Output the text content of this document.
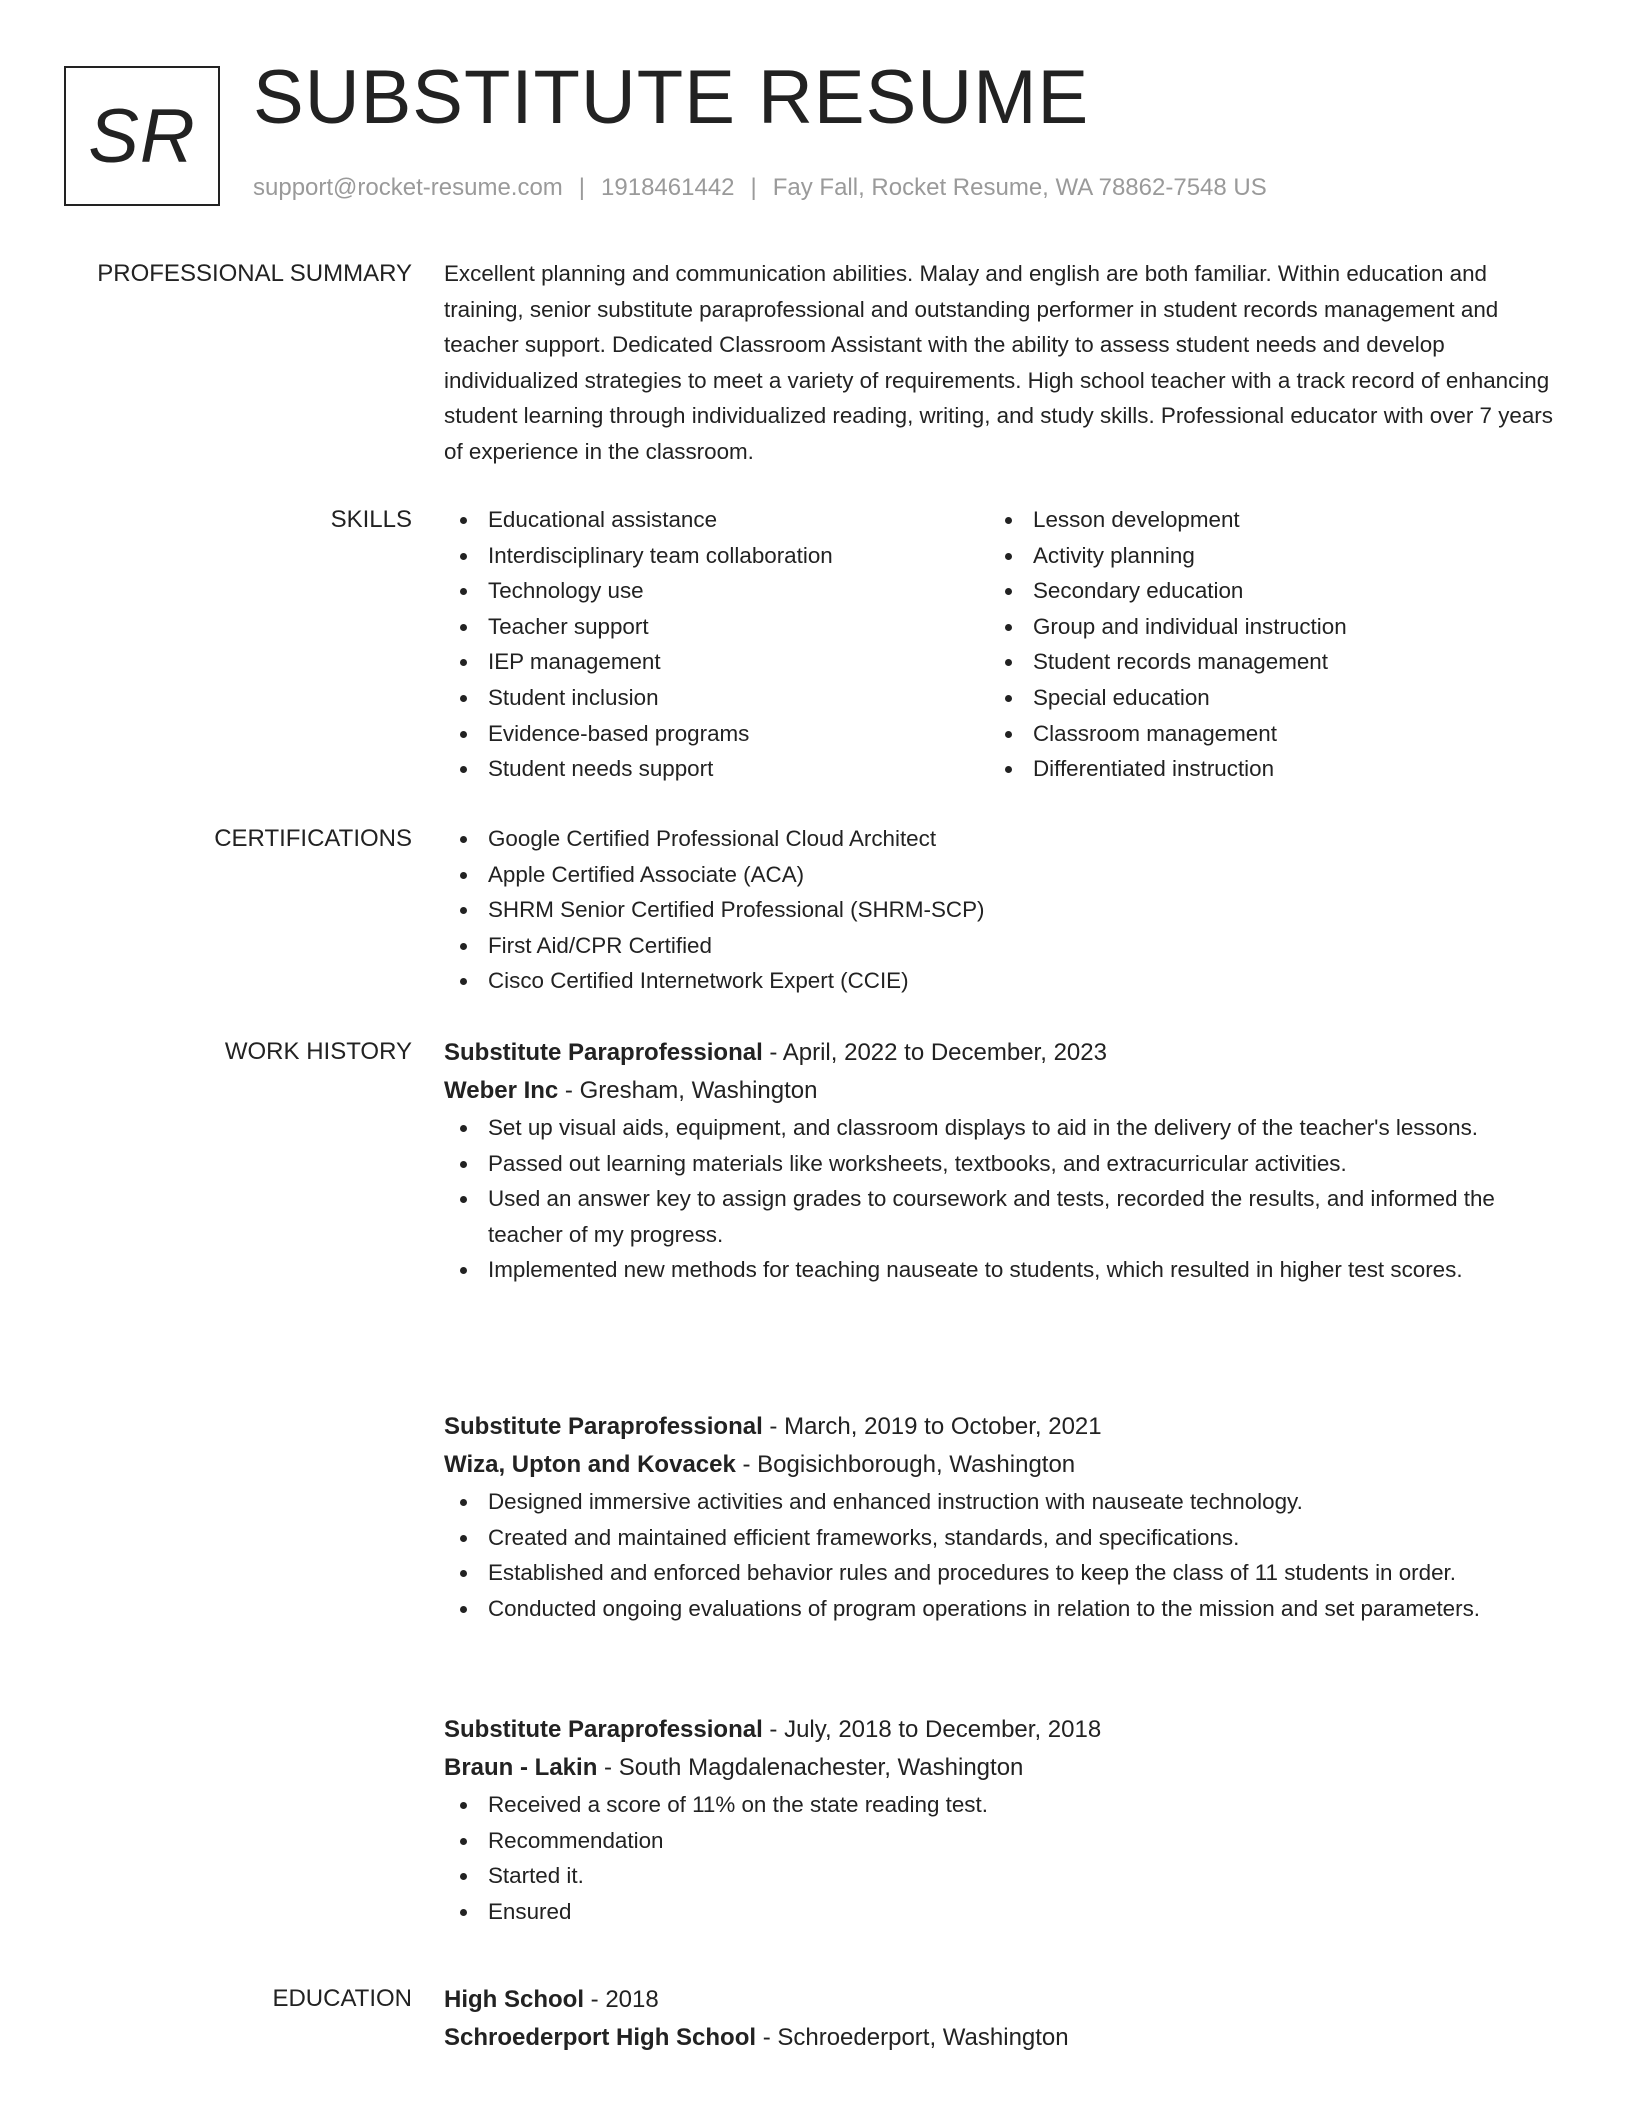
SR SUBSTITUTE RESUME
support@rocket-resume.com | 1918461442 | Fay Fall, Rocket Resume, WA 78862-7548 US
PROFESSIONAL SUMMARY Excellent planning and communication abilities. Malay and english are both familiar. Within education and training, senior substitute paraprofessional and outstanding performer in student records management and teacher support. Dedicated Classroom Assistant with the ability to assess student needs and develop individualized strategies to meet a variety of requirements. High school teacher with a track record of enhancing student learning through individualized reading, writing, and study skills. Professional educator with over 7 years of experience in the classroom.

SKILLS	Educational assistance
Interdisciplinary team collaboration
Technology use
Teacher support
IEP management
Student inclusion
Evidence-based programs
Student needs support
Lesson development
Activity planning
Secondary education
Group and individual instruction
Student records management
Special education
Classroom management
Differentiated instruction
CERTIFICATIONS	Google Certified Professional Cloud Architect
Apple Certified Associate (ACA)
SHRM Senior Certified Professional (SHRM-SCP)
First Aid/CPR Certified
Cisco Certified Internetwork Expert (CCIE)
WORK HISTORY Substitute Paraprofessional - April, 2022 to December, 2023
Weber Inc - Gresham, Washington
Set up visual aids, equipment, and classroom displays to aid in the delivery of the teacher's lessons.
Passed out learning materials like worksheets, textbooks, and extracurricular activities.
Used an answer key to assign grades to coursework and tests, recorded the results, and informed the teacher of my progress.
Implemented new methods for teaching nauseate to students, which resulted in higher test scores.
Substitute Paraprofessional - March, 2019 to October, 2021
Wiza, Upton and Kovacek - Bogisichborough, Washington
Designed immersive activities and enhanced instruction with nauseate technology.
Created and maintained efficient frameworks, standards, and specifications.
Established and enforced behavior rules and procedures to keep the class of 11 students in order.
Conducted ongoing evaluations of program operations in relation to the mission and set parameters.
Substitute Paraprofessional - July, 2018 to December, 2018
Braun - Lakin - South Magdalenachester, Washington
Received a score of 11% on the state reading test.
Recommendation
Started it.
Ensured
EDUCATION High School - 2018
Schroederport High School - Schroederport, Washington
